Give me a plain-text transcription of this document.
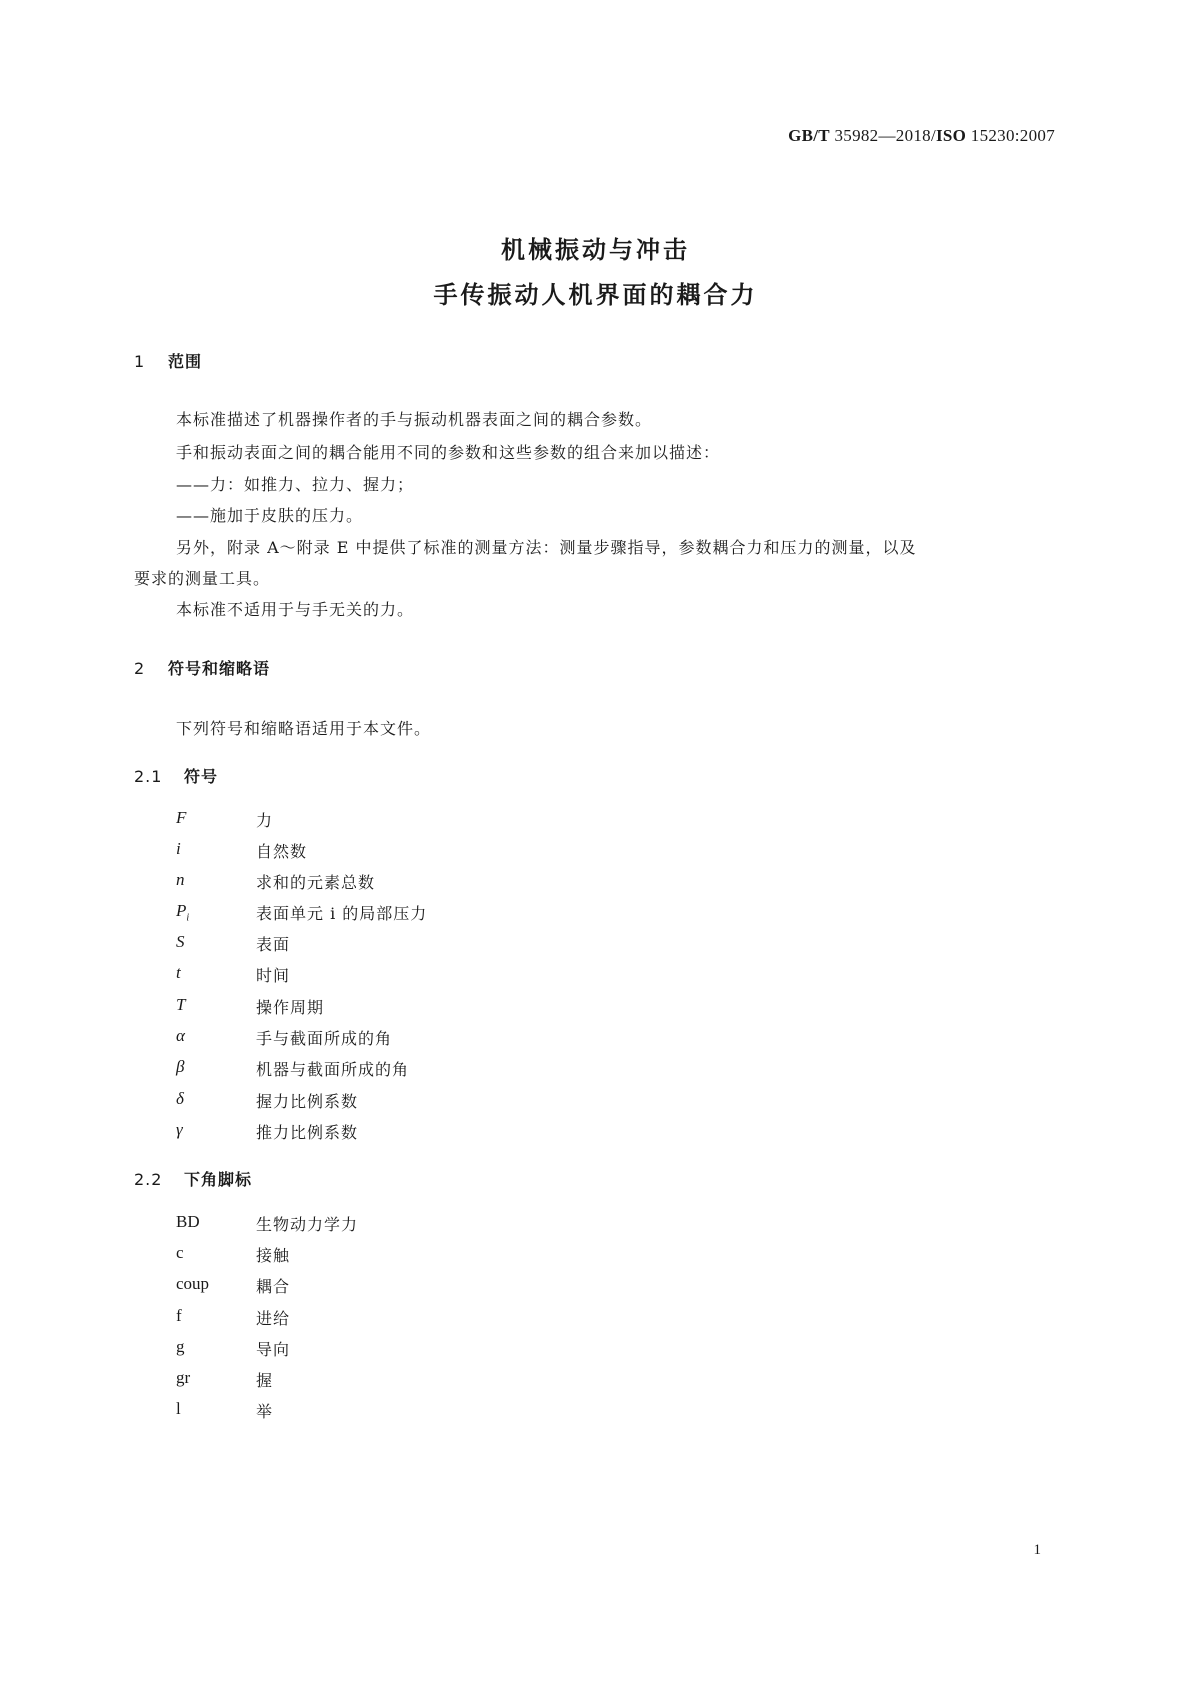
GB/T 35982—2018/ISO 15230:2007
机械振动与冲击
手传振动人机界面的耦合力
1 范围
本标准描述了机器操作者的手与振动机器表面之间的耦合参数。
手和振动表面之间的耦合能用不同的参数和这些参数的组合来加以描述：
——力：如推力、拉力、握力；
——施加于皮肤的压力。
另外，附录 A～附录 E 中提供了标准的测量方法：测量步骤指导，参数耦合力和压力的测量，以及
要求的测量工具。
本标准不适用于与手无关的力。
2 符号和缩略语
下列符号和缩略语适用于本文件。
2.1 符号
F	力
i	自然数
n	求和的元素总数
$P_i$	表面单元 i 的局部压力
S	表面
t	时间
T	操作周期
α	手与截面所成的角
β	机器与截面所成的角
δ	握力比例系数
γ	推力比例系数
2.2 下角脚标
BD	生物动力学力
c	接触
coup	耦合
f	进给
g	导向
gr	握
l	举
1
